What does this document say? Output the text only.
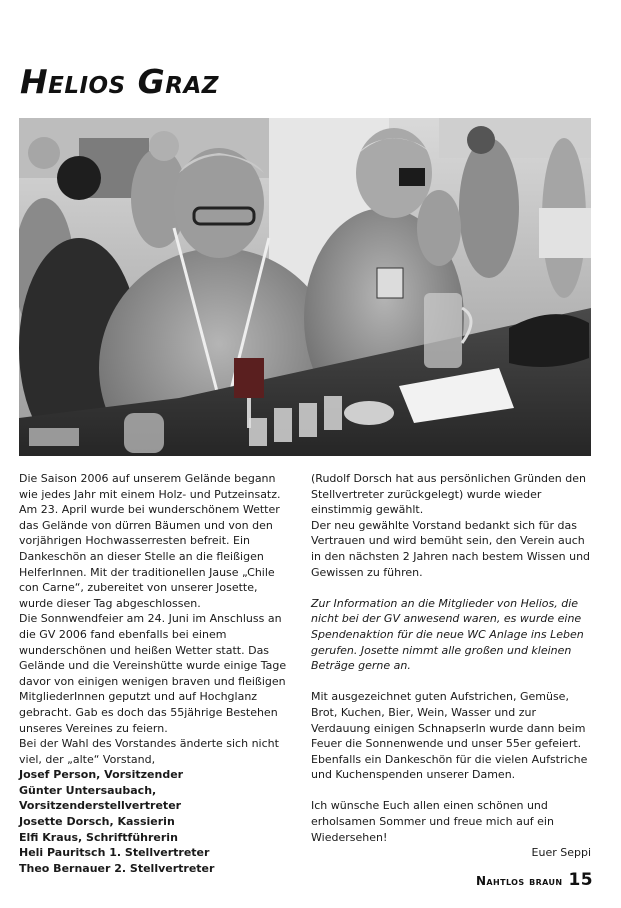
Helios Graz

Die Saison 2006 auf unserem Gelände begann wie jedes Jahr mit einem Holz- und Putzeinsatz. Am 23. April wurde bei wunderschönem Wetter das Gelände von dürren Bäumen und von den vorjährigen Hochwasserresten befreit. Ein Dankeschön an dieser Stelle an die fleißigen HelferInnen. Mit der traditionellen Jause „Chile con Carne“, zubereitet von unserer Josette, wurde dieser Tag abgeschlossen.

Die Sonnwendfeier am 24. Juni im Anschluss an die GV 2006 fand ebenfalls bei einem wunderschönen und heißen Wetter statt. Das Gelände und die Vereinshütte wurde einige Tage davor von einigen wenigen braven und fleißigen MitgliederInnen geputzt und auf Hochglanz gebracht. Gab es doch das 55jährige Bestehen unseres Vereines zu feiern.

Bei der Wahl des Vorstandes änderte sich nicht viel, der „alte“ Vorstand,

Josef Person, Vorsitzender

Günter Untersaubach, Vorsitzenderstellvertreter

Josette Dorsch, Kassierin

Elfi Kraus, Schriftführerin

Heli Pauritsch 1. Stellvertreter

Theo Bernauer 2. Stellvertreter

(Rudolf Dorsch hat aus persönlichen Gründen den Stellvertreter zurückgelegt) wurde wieder einstimmig gewählt.

Der neu gewählte Vorstand bedankt sich für das Vertrauen und wird bemüht sein, den Verein auch in den nächsten 2 Jahren nach bestem Wissen und Gewissen zu führen.

Zur Information an die Mitglieder von Helios, die nicht bei der GV anwesend waren, es wurde eine Spendenaktion für die neue WC Anlage ins Leben gerufen. Josette nimmt alle großen und kleinen Beträge gerne an.

Mit ausgezeichnet guten Aufstrichen, Gemüse, Brot, Kuchen, Bier, Wein, Wasser und zur Verdauung einigen Schnapserln wurde dann beim Feuer die Sonnenwende und unser 55er gefeiert. Ebenfalls ein Dankeschön für die vielen Aufstriche und Kuchenspenden unserer Damen.

Ich wünsche Euch allen einen schönen und erholsamen Sommer und freue mich auf ein Wiedersehen!

Euer Seppi

Nahtlos braun 15
